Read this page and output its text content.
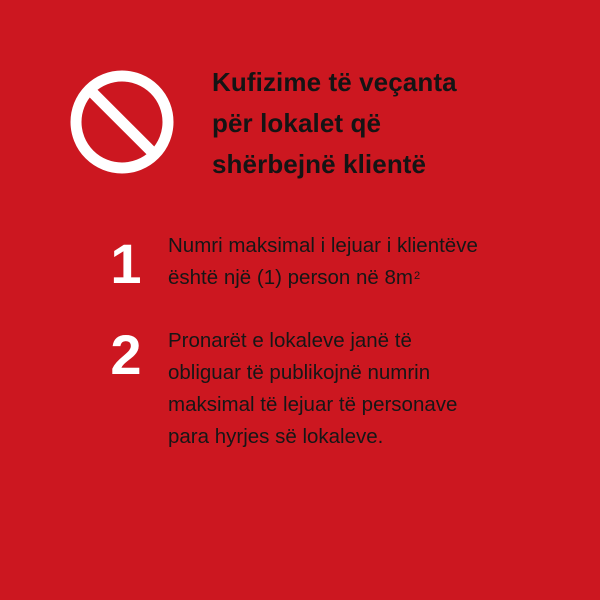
Kufizime të veçanta
për lokalet që
shërbejnë klientë
1 Numri maksimal i lejuar i klientëve
është një (1) person në $8m^2$
2 Pronarët e lokaleve janë të
obliguar të publikojnë numrin
maksimal të lejuar të personave
para hyrjes së lokaleve.
